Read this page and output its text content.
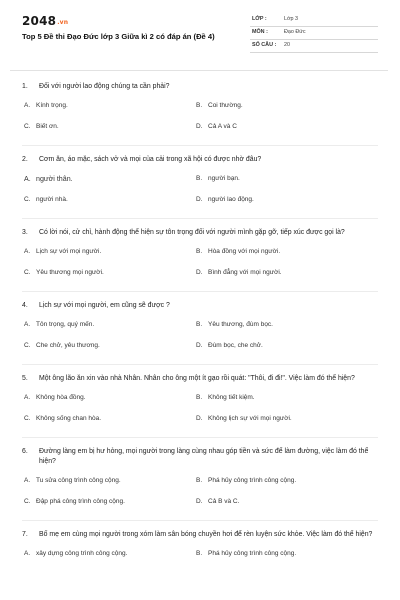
2048.vn
Top 5 Đề thi Đạo Đức lớp 3 Giữa kì 2 có đáp án (Đề 4)
LỚP :	Lớp 3
MÔN :	Đạo Đức
SỐ CÂU : 20
1. Đối với người lao động chúng ta cần phải?
A. Kính trọng.	B. Coi thường.
C. Biết ơn.	D. Cả A và C
2. Cơm ăn, áo mặc, sách vở và mọi của cải trong xã hội có được nhờ đâu?
A. người thân.	B. người bạn.
C. người nhà.	D. người lao động.
3. Có lời nói, cử chỉ, hành động thể hiện sự tôn trọng đối với người mình gặp gỡ, tiếp xúc được gọi là?
A. Lịch sự với mọi người.	B. Hòa đồng với mọi người.
C. Yêu thương mọi người.	D. Bình đẳng với mọi người.
4. Lịch sự với mọi người, em cũng sẽ được ?
A. Tôn trọng, quý mến.	B. Yêu thương, đùm bọc.
C. Che chở, yêu thương.	D. Đùm bọc, che chở.
5. Một ông lão ăn xin vào nhà Nhân. Nhân cho ông một ít gạo rồi quát: "Thôi, đi đi!". Việc làm đó thể hiện?
A. Không hòa đồng.	B. Không tiết kiệm.
C. Không sống chan hòa.	D. Không lịch sự với mọi người.
6. Đường làng em bị hư hỏng, mọi người trong làng cùng nhau góp tiền và sức để làm đường, việc làm đó thể hiện?
A. Tu sửa công trình công cộng.	B. Phá hủy công trình công cộng.
C. Đập phá công trình công cộng.	D. Cả B và C.
7. Bố mẹ em cùng mọi người trong xóm làm sân bóng chuyền hơi để rèn luyện sức khỏe. Việc làm đó thể hiện?
A. xây dựng công trình công cộng.	B. Phá hủy công trình công cộng.
